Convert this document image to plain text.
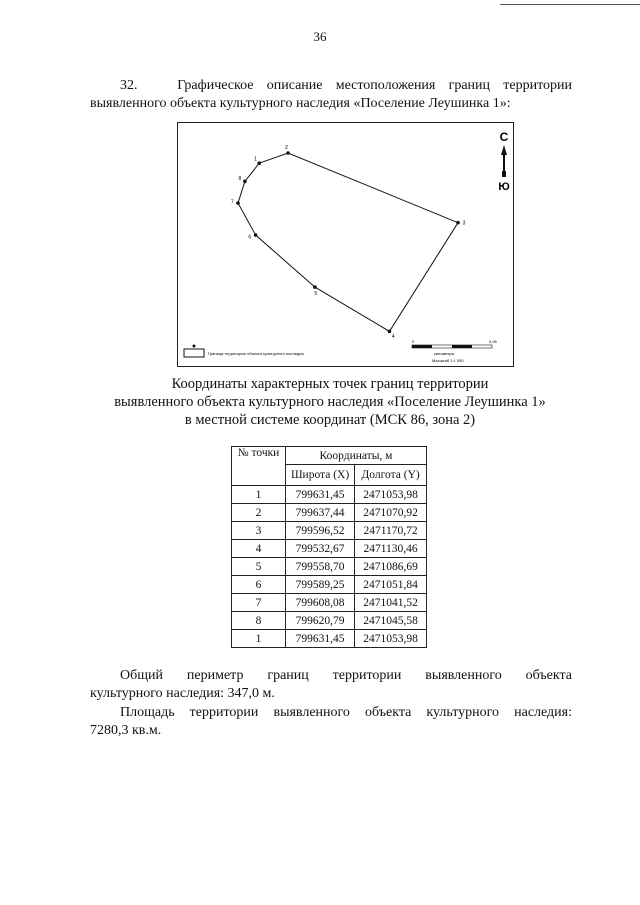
36
32.	Графическое описание местоположения границ территории
выявленного объекта культурного наследия «Поселение Леушинка 1»:
1
2
3
4
5
6
7
8
С
Ю
Граница территории объекта культурного наследия
0	0,06
километры
Масштаб 1:1 000
Координаты характерных точек границ территории
выявленного объекта культурного наследия «Поселение Леушинка 1»
в местной системе координат (МСК 86, зона 2)
№ точки	Координаты, м	
	Широта (X)	Долгота (Y)
1	799631,45	2471053,98
2	799637,44	2471070,92
3	799596,52	2471170,72
4	799532,67	2471130,46
5	799558,70	2471086,69
6	799589,25	2471051,84
7	799608,08	2471041,52
8	799620,79	2471045,58
1	799631,45	2471053,98
Общий периметр границ территории выявленного объекта
культурного наследия: 347,0 м.
Площадь территории выявленного объекта культурного наследия:
7280,3 кв.м.
